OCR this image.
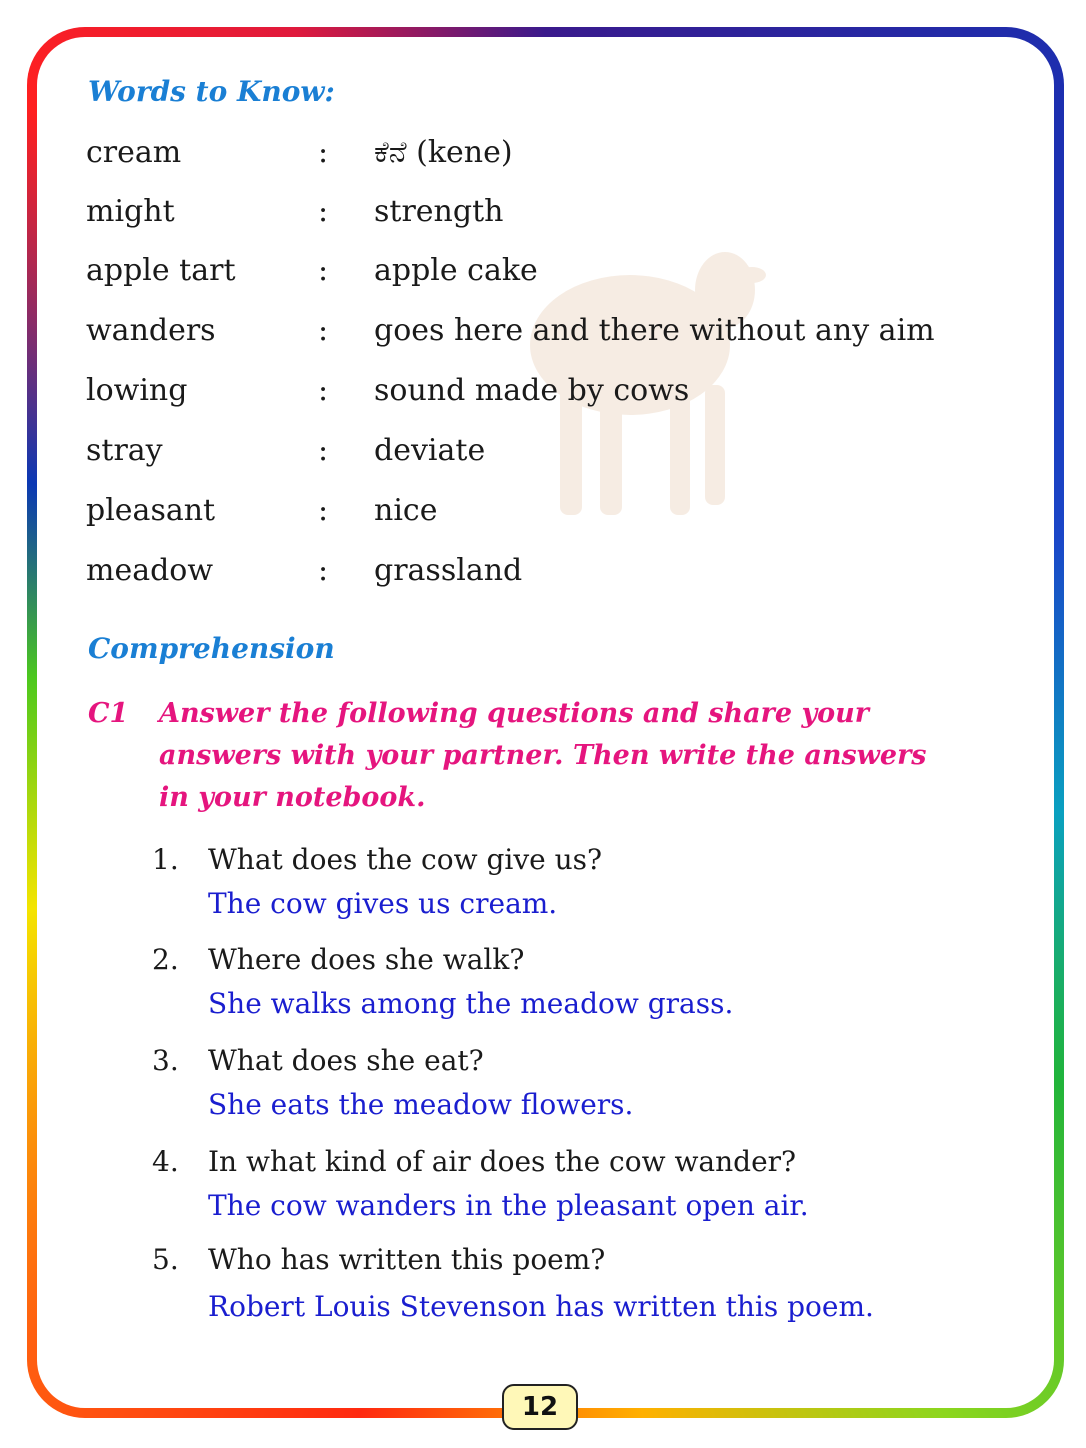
Words to Know:
cream	: ಕೆನೆ (kene)
might	: strength
apple tart	: apple cake
wanders	: goes here and there without any aim
lowing	: sound made by cows
stray	: deviate
pleasant	: nice
meadow	: grassland
Comprehension
C1 Answer the following questions and share your answers with your partner. Then write the answers in your notebook.
1. What does the cow give us?
The cow gives us cream.
2. Where does she walk?
She walks among the meadow grass.
3. What does she eat?
She eats the meadow flowers.
4. In what kind of air does the cow wander?
The cow wanders in the pleasant open air.
5. Who has written this poem?
Robert Louis Stevenson has written this poem.
12
